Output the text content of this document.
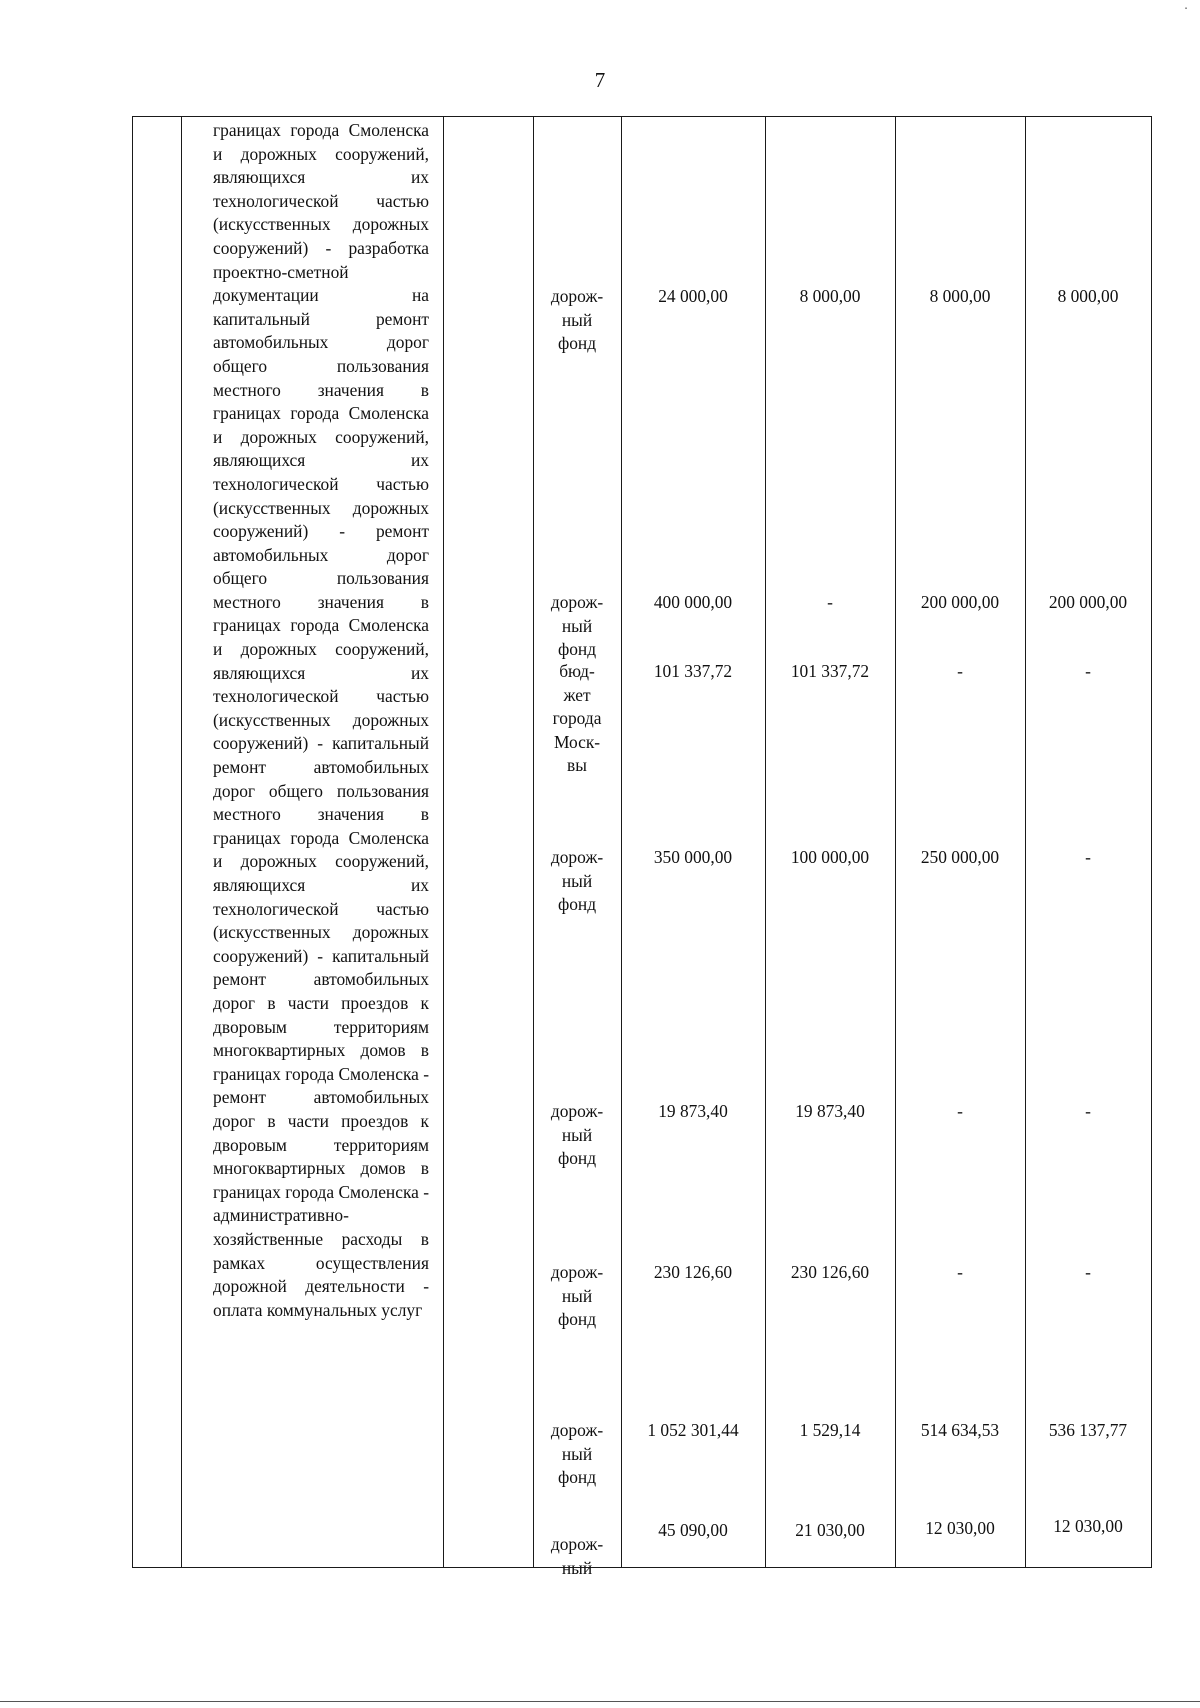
‧
7
границах города Смоленска и дорожных сооружений, являющихся их технологической частью (искусственных дорожных сооружений) - разработка проектно-сметной документации на капитальный ремонт автомобильных дорог общего пользования местного значения в границах города Смоленска и дорожных сооружений, являющихся их технологической частью (искусственных дорожных сооружений) - ремонт автомобильных дорог общего пользования местного значения в границах города Смоленска и дорожных сооружений, являющихся их технологической частью (искусственных дорожных сооружений) - капитальный ремонт автомобильных дорог общего пользования местного значения в границах города Смоленска и дорожных сооружений, являющихся их технологической частью (искусственных дорожных сооружений) - капитальный ремонт автомобильных дорог в части проездов к дворовым территориям многоквартирных домов в границах города Смоленска - ремонт автомобильных дорог в части проездов к дворовым территориям многоквартирных домов в границах города Смоленска - административно-хозяйственные расходы в рамках осуществления дорожной деятельности - оплата коммунальных услуг
дорож-
ный
фонд
24 000,00	8 000,00	8 000,00	8 000,00
дорож-
ный
фонд
400 000,00	-	200 000,00	200 000,00
бюд-
жет
города
Моск-
вы
101 337,72	101 337,72	-	-
дорож-
ный
фонд
350 000,00	100 000,00	250 000,00	-
дорож-
ный
фонд
19 873,40	19 873,40	-	-
дорож-
ный
фонд
230 126,60	230 126,60	-	-
дорож-
ный
фонд
1 052 301,44	1 529,14	514 634,53	536 137,77
дорож-
ный
45 090,00	21 030,00	12 030,00	12 030,00
